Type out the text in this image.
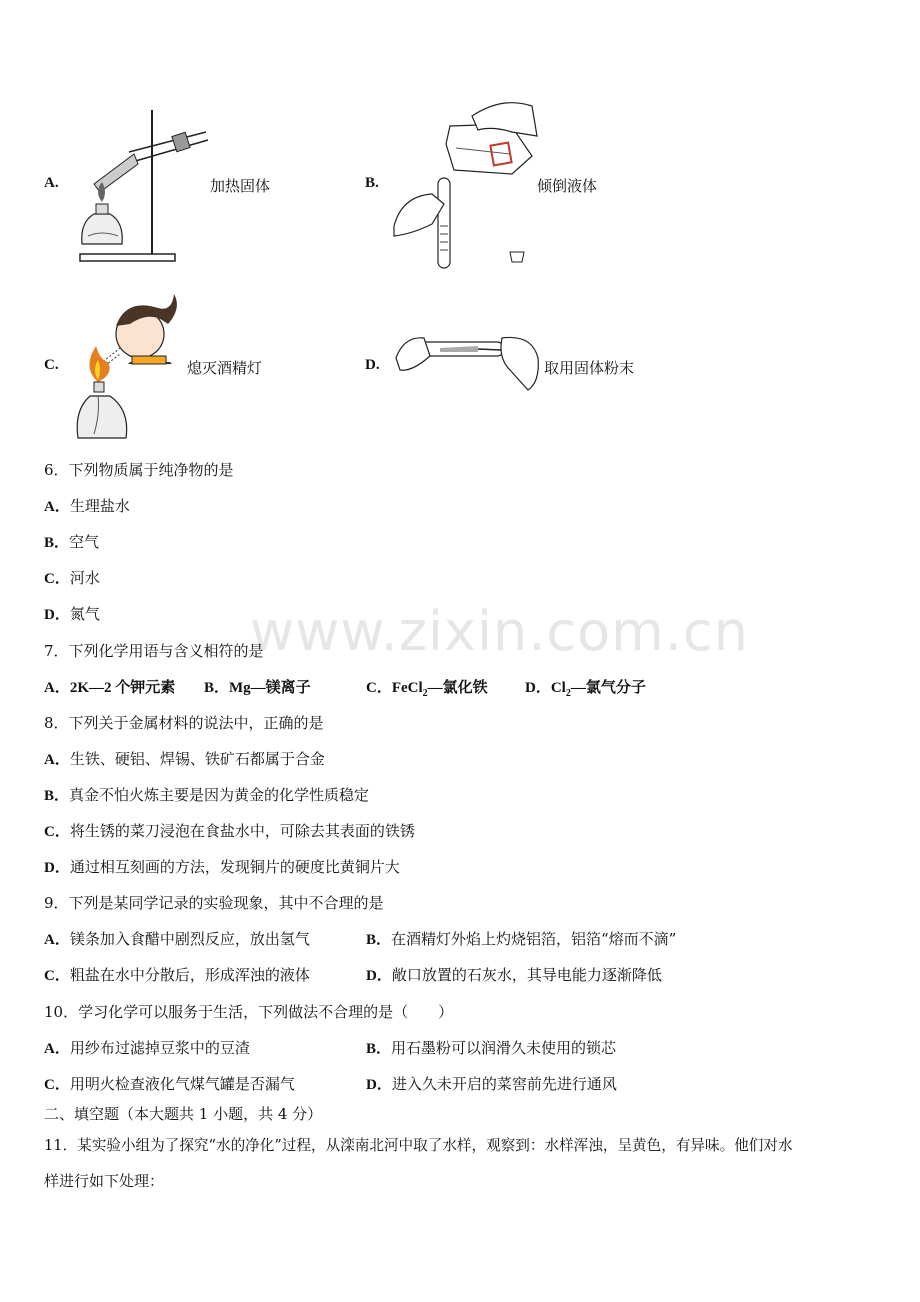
www.zixin.com.cn
A.	加热固体	B.	倾倒液体
C.	熄灭酒精灯	D.	取用固体粉末
6．下列物质属于纯净物的是
A．生理盐水
B．空气
C．河水
D．氮气
7．下列化学用语与含义相符的是
A．2K—2 个钾元素 B．Mg—镁离子	C．FeCl$_2$—氯化铁 D．$Cl_2—$氯气分子
8．下列关于金属材料的说法中，正确的是
A．生铁、硬铝、焊锡、铁矿石都属于合金
B．真金不怕火炼主要是因为黄金的化学性质稳定
C．将生锈的菜刀浸泡在食盐水中，可除去其表面的铁锈
D．通过相互刻画的方法，发现铜片的硬度比黄铜片大
9．下列是某同学记录的实验现象，其中不合理的是
A．镁条加入食醋中剧烈反应，放出氢气	B．在酒精灯外焰上灼烧铝箔，铝箔“熔而不滴”
C．粗盐在水中分散后，形成浑浊的液体	D．敞口放置的石灰水，其导电能力逐渐降低
10．学习化学可以服务于生活，下列做法不合理的是（　　）
A．用纱布过滤掉豆浆中的豆渣	B．用石墨粉可以润滑久未使用的锁芯
C．用明火检查液化气煤气罐是否漏气	D．进入久未开启的菜窖前先进行通风
二、填空题（本大题共 1 小题，共 4 分）
11．某实验小组为了探究“水的净化”过程，从滦南北河中取了水样，观察到：水样浑浊，呈黄色，有异味。他们对水
样进行如下处理：
